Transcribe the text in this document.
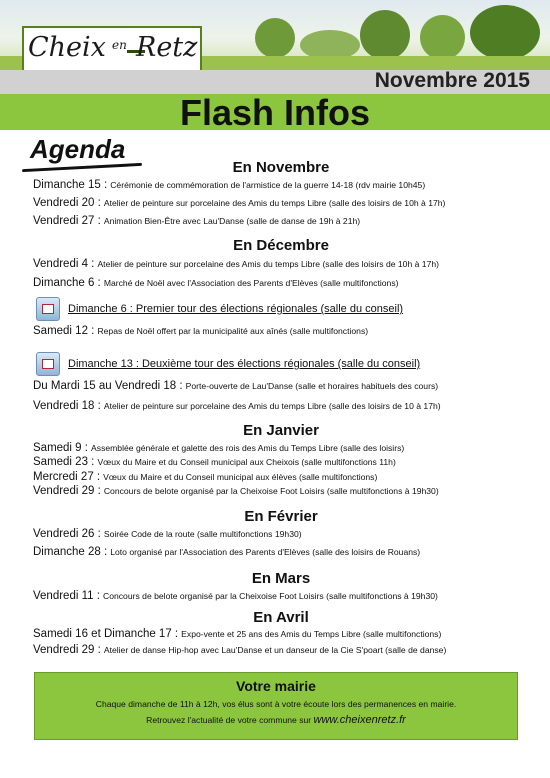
Cheix en Retz
Novembre 2015
Flash Infos
Agenda
En Novembre
Dimanche 15 : Cérémonie de commémoration de l'armistice de la guerre 14-18 (rdv mairie 10h45)
Vendredi 20 : Atelier de peinture sur porcelaine des Amis du temps Libre (salle des loisirs de 10h à 17h)
Vendredi 27 : Animation Bien-Être avec Lau'Danse (salle de danse de 19h à 21h)
En Décembre
Vendredi 4 : Atelier de peinture sur porcelaine des Amis du temps Libre (salle des loisirs de 10h à 17h)
Dimanche 6 : Marché de Noël avec l'Association des Parents d'Elèves (salle multifonctions)
Dimanche 6 : Premier tour des élections régionales (salle du conseil)
Samedi 12 : Repas de Noël offert par la municipalité aux aînés (salle multifonctions)
Dimanche 13 : Deuxième tour des élections régionales (salle du conseil)
Du Mardi 15 au Vendredi 18 : Porte-ouverte de Lau'Danse (salle et horaires habituels des cours)
Vendredi 18 : Atelier de peinture sur porcelaine des Amis du temps Libre (salle des loisirs de 10 à 17h)
En Janvier
Samedi 9 : Assemblée générale et galette des rois des Amis du Temps Libre (salle des loisirs)
Samedi 23 : Vœux du Maire et du Conseil municipal aux Cheixois (salle multifonctions 11h)
Mercredi 27 : Vœux du Maire et du Conseil municipal aux élèves (salle multifonctions)
Vendredi 29 : Concours de belote organisé par la Cheixoise Foot Loisirs (salle multifonctions à 19h30)
En Février
Vendredi 26 : Soirée Code de la route (salle multifonctions 19h30)
Dimanche 28 : Loto organisé par l'Association des Parents d'Elèves (salle des loisirs de Rouans)
En Mars
Vendredi 11 : Concours de belote organisé par la Cheixoise Foot Loisirs (salle multifonctions à 19h30)
En Avril
Samedi 16 et Dimanche 17 : Expo-vente et 25 ans des Amis du Temps Libre (salle multifonctions)
Vendredi 29 : Atelier de danse Hip-hop avec Lau'Danse et un danseur de la Cie S'poart (salle de danse)
Votre mairie
Chaque dimanche de 11h à 12h, vos élus sont à votre écoute lors des permanences en mairie.
Retrouvez l'actualité de votre commune sur www.cheixenretz.fr
